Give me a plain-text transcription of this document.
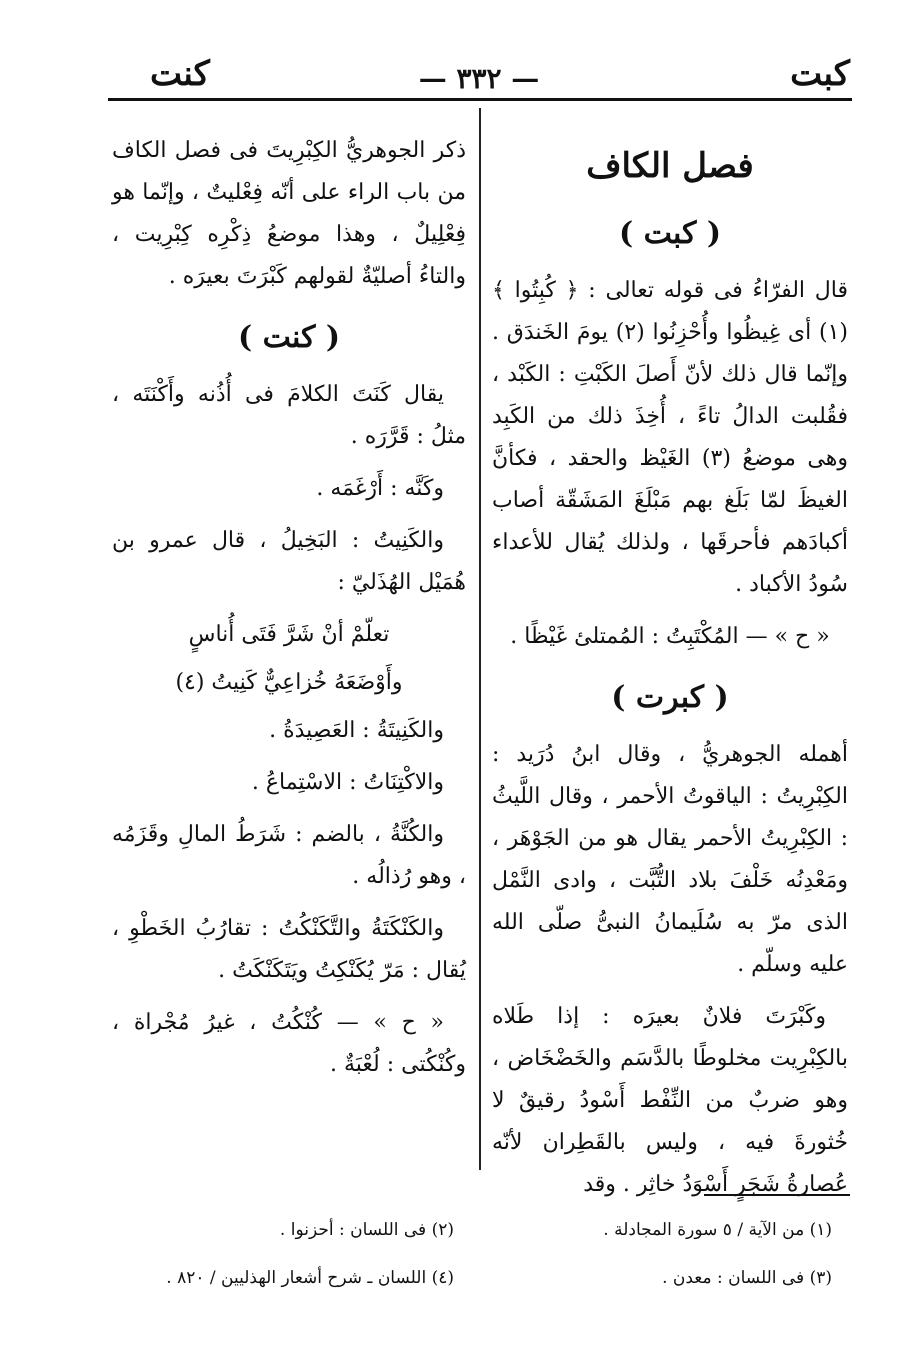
كبت
— ٣٣٢ —
كنت
فصل الكاف
( كبت )

قال الفرّاءُ فى قوله تعالى : ﴿ كُبِتُوا ﴾ (١) أى غِيظُوا وأُحْزِنُوا (٢) يومَ الخَندَق . وإنّما قال ذلك لأنّ أَصلَ الكَبْتِ : الكَبْد ، فقُلبت الدالُ تاءً ، أُخِذَ ذلك من الكَبِد وهى موضعُ (٣) الغَيْظ والحقد ، فكأنَّ الغيظَ لمّا بَلَغ بهم مَبْلَغَ المَشَقّة أصاب أكبادَهم فأحرقَها ، ولذلك يُقال للأعداء سُودُ الأكباد .

« ح » — المُكْتَبِتُ : المُمتلئ غَيْظًا .

( كبرت )

أهمله الجوهريُّ ، وقال ابنُ دُرَيد : الكِبْرِيتُ : الياقوتُ الأحمر ، وقال اللَّيثُ : الكِبْرِيتُ الأحمر يقال هو من الجَوْهَر ، ومَعْدِنُه خَلْفَ بلاد التُّبَّت ، وادى النَّمْل الذى مرّ به سُلَيمانُ النبىُّ صلّى الله عليه وسلّم .

وكَبْرَتَ فلانٌ بعيرَه : إذا طَلاه بالكِبْرِيت مخلوطًا بالدَّسَم والخَضْخَاض ، وهو ضربٌ من النِّفْط أَسْودُ رقيقٌ لا خُثورةَ فيه ، وليس بالقَطِران لأنّه عُصارةُ شَجَرٍ أَسْوَدُ خاثِر . وقد

ذكر الجوهريُّ الكِبْرِيتَ فى فصل الكاف من باب الراء على أنّه فِعْليتٌ ، وإنّما هو فِعْلِيلٌ ، وهذا موضعُ ذِكْرِه كِبْرِيت ، والتاءُ أصليّةٌ لقولهم كَبْرَتَ بعيرَه .

( كنت )

يقال كَنَتَ الكلامَ فى أُذُنه وأَكْنَتَه ، مثلُ : قَرَّرَه .

وكَنَّه : أَرْغَمَه .

والكَنِيتُ : البَخِيلُ ، قال عمرو بن هُمَيْل الهُذَليّ :

تعلّمْ أنْ شَرَّ فَتَى أُناسٍ
وأَوْضَعَهُ خُزاعِيٌّ كَنِيتُ (٤)

والكَنِيتَةُ : العَصِيدَةُ .

والاكْتِنَاتُ : الاسْتِماعُ .

والكُنَّةُ ، بالضم : شَرَطُ المالِ وقَزَمُه ، وهو رُذالُه .

والكَنْكَتَةُ والتَّكَنْكُتُ : تقارُبُ الخَطْوِ ، يُقال : مَرّ يُكَنْكِتُ ويَتَكَنْكَتُ .

« ح » — كُنْكُتُ ، غيرُ مُجْراة ، وكُنْكُتى : لُعْبَةٌ .

(١) من الآية / ٥ سورة المجادلة .
(٢) فى اللسان : أحزنوا .
(٣) فى اللسان : معدن .
(٤) اللسان ـ شرح أشعار الهذليين / ٨٢٠ .
